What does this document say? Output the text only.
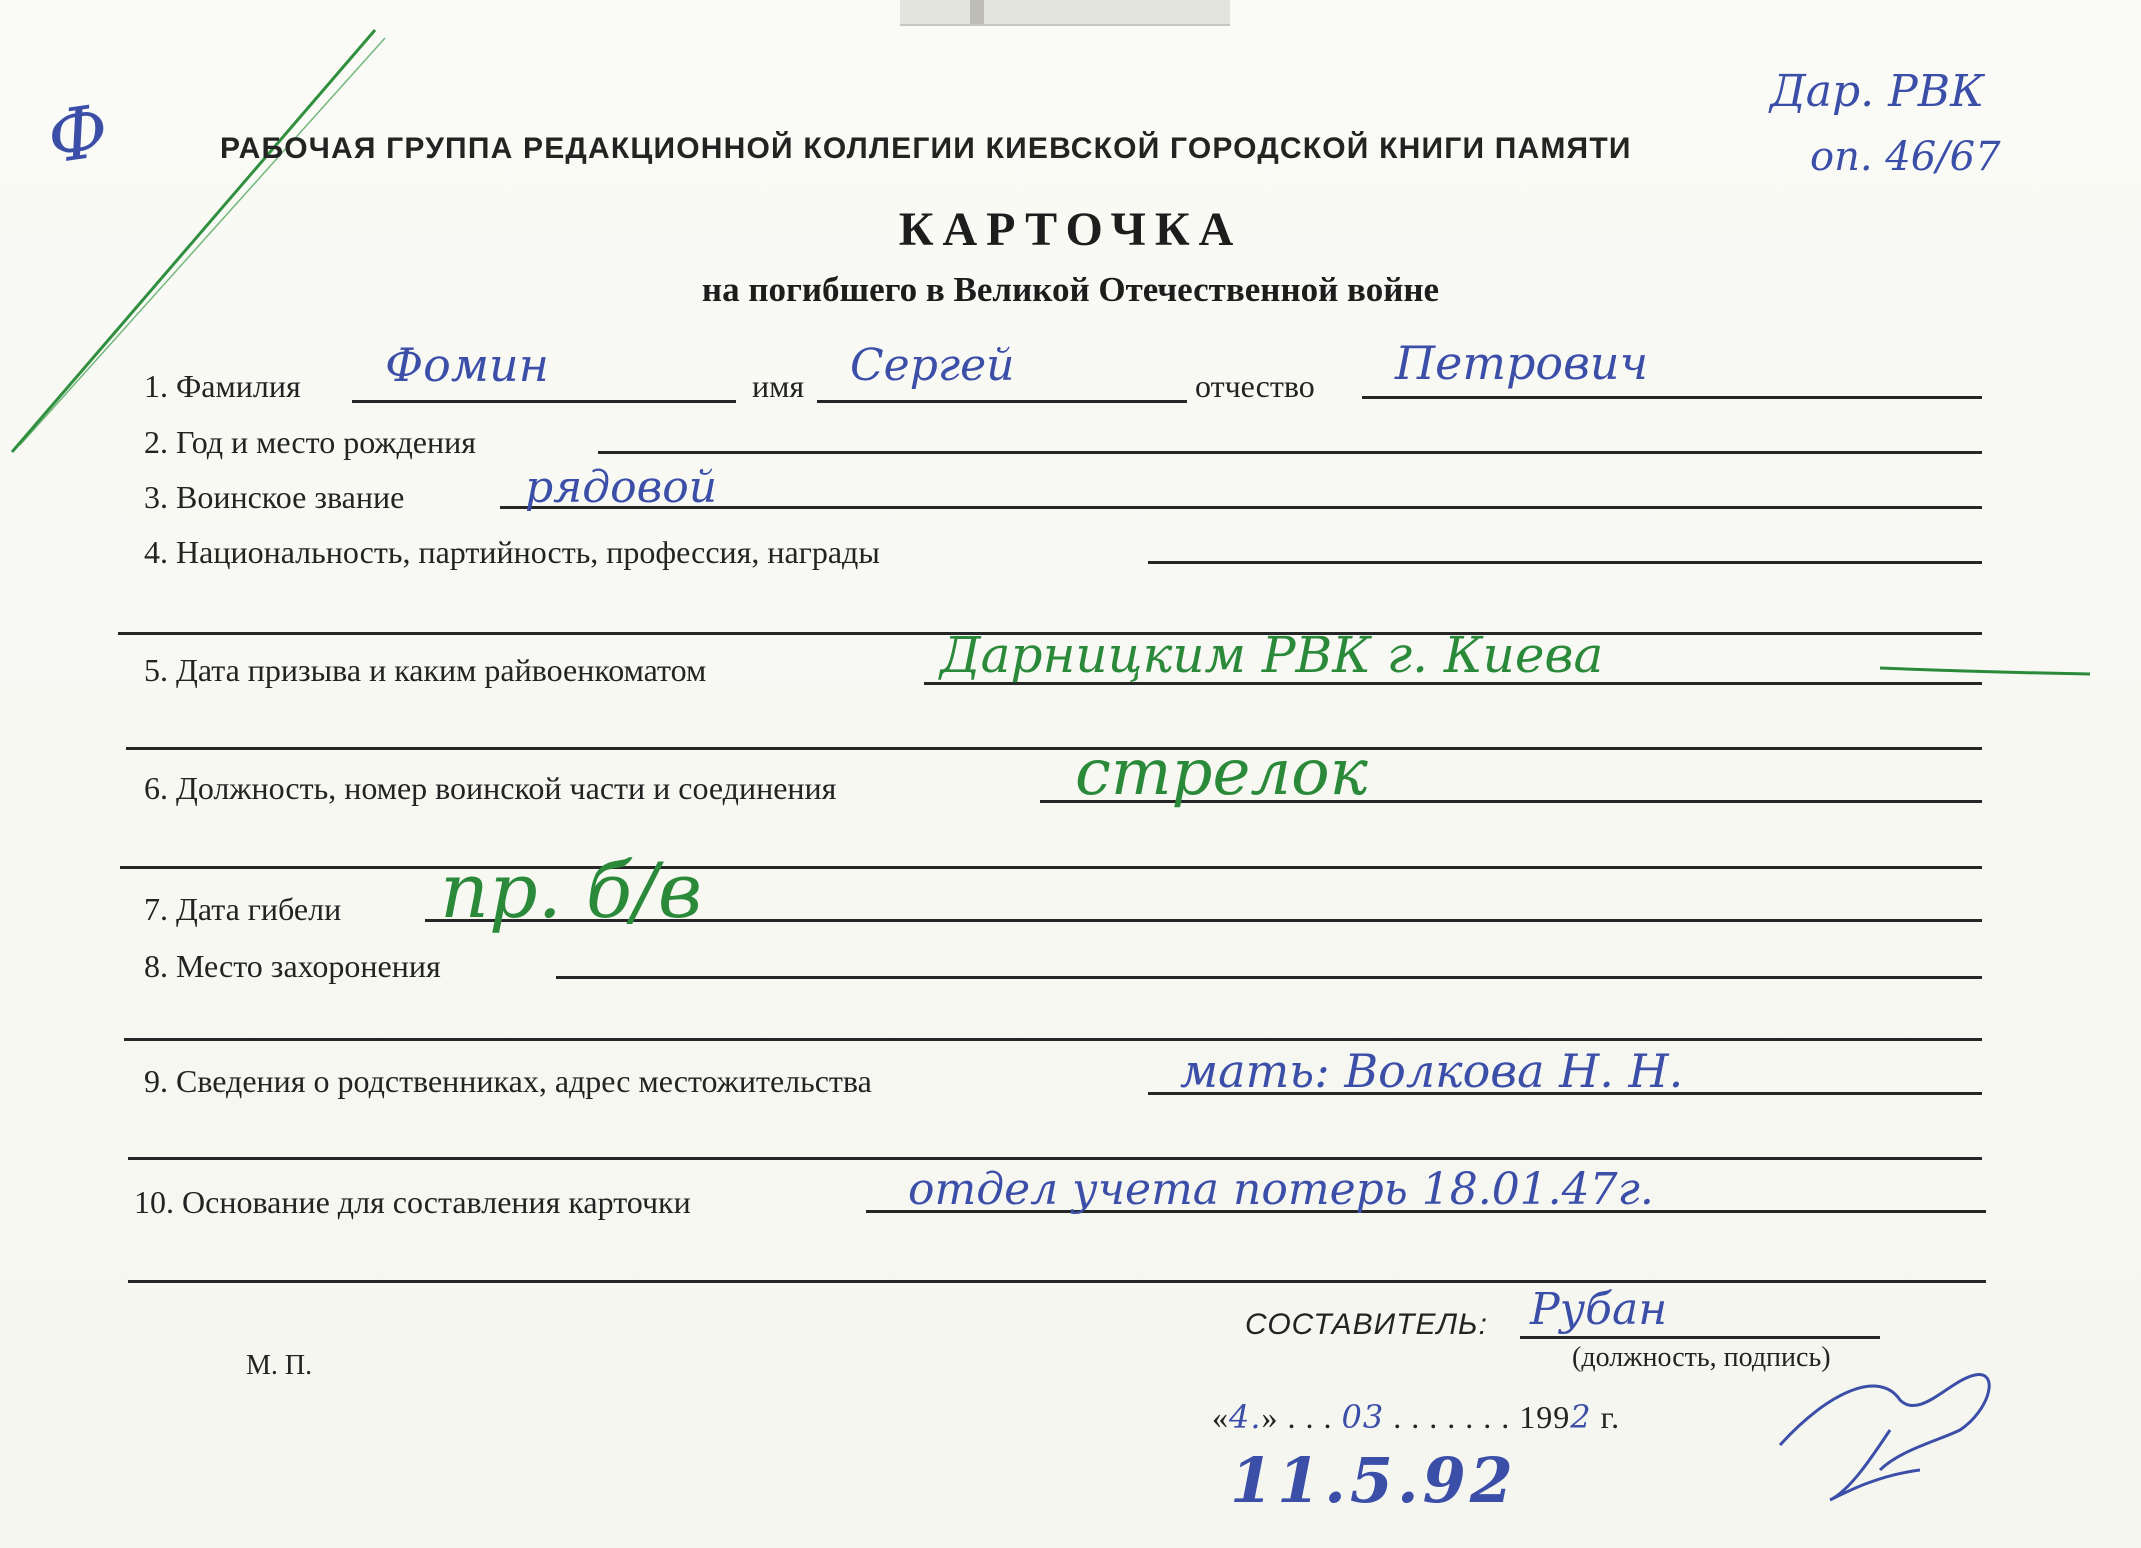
Ф	Дар. РВК
оп. 46/67
РАБОЧАЯ ГРУППА РЕДАКЦИОННОЙ КОЛЛЕГИИ КИЕВСКОЙ ГОРОДСКОЙ КНИГИ ПАМЯТИ
КАРТОЧКА
на погибшего в Великой Отечественной войне
1. Фамилия Фомин	имя Сергей	отчество Петрович
2. Год и место рождения
3. Воинское звание	рядовой
4. Национальность, партийность, профессия, награды
5. Дата призыва и каким райвоенкоматом	Дарницким РВК г. Киева
6. Должность, номер воинской части и соединения	стрелок
7. Дата гибели пр. б/в
8. Место захоронения
9. Сведения о родственниках, адрес местожительства	мать: Волкова Н. Н.
10. Основание для составления карточки	отдел учета потерь 18.01.47г.
СОСТАВИТЕЛЬ: Рубан
(должность, подпись)
М. П.
«4.» . . . 03 . . . . . . . 1992 г.
11.5.92
